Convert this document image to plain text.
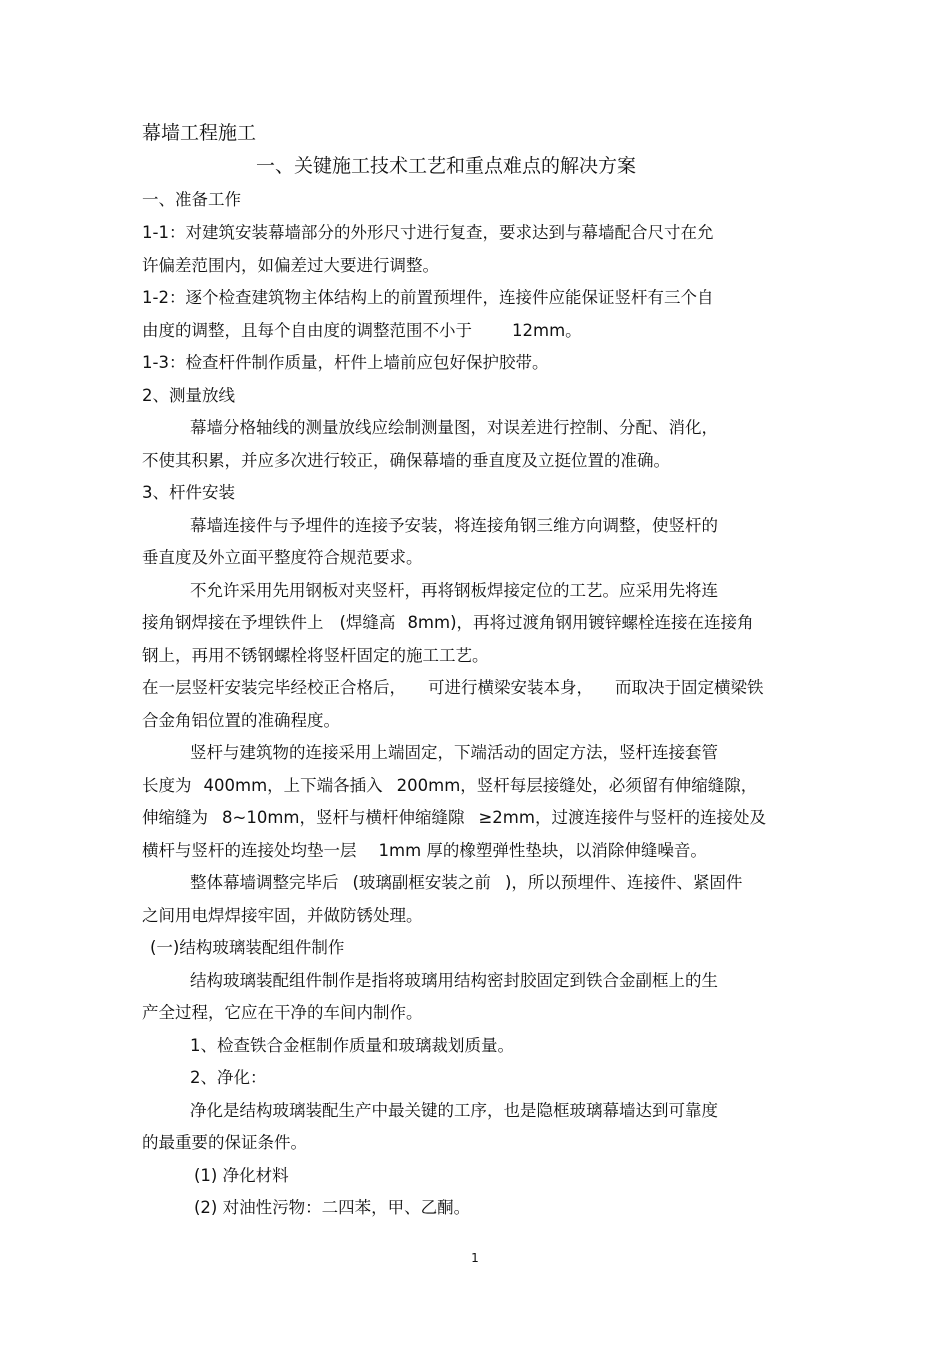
幕墙工程施工
一、关键施工技术工艺和重点难点的解决方案
一、准备工作
1-1：对建筑安装幕墙部分的外形尺寸进行复查，要求达到与幕墙配合尺寸在允
许偏差范围内，如偏差过大要进行调整。
1-2：逐个检查建筑物主体结构上的前置预埋件，连接件应能保证竖杆有三个自
由度的调整，且每个自由度的调整范围不小于 12mm。
1-3：检查杆件制作质量，杆件上墙前应包好保护胶带。
2、测量放线
幕墙分格轴线的测量放线应绘制测量图，对误差进行控制、分配、消化，
不使其积累，并应多次进行较正，确保幕墙的垂直度及立挺位置的准确。
3、杆件安装
幕墙连接件与予埋件的连接予安装，将连接角钢三维方向调整，使竖杆的
垂直度及外立面平整度符合规范要求。
不允许采用先用钢板对夹竖杆，再将钢板焊接定位的工艺。应采用先将连
接角钢焊接在予埋铁件上 (焊缝高 8mm)，再将过渡角钢用镀锌螺栓连接在连接角
钢上，再用不锈钢螺栓将竖杆固定的施工工艺。
在一层竖杆安装完毕经校正合格后， 可进行横梁安装本身， 而取决于固定横梁铁
合金角铝位置的准确程度。
竖杆与建筑物的连接采用上端固定，下端活动的固定方法，竖杆连接套管
长度为 400mm，上下端各插入 200mm，竖杆每层接缝处，必须留有伸缩缝隙，
伸缩缝为 8~10mm，竖杆与横杆伸缩缝隙 ≥2mm，过渡连接件与竖杆的连接处及
横杆与竖杆的连接处均垫一层 1mm 厚的橡塑弹性垫块，以消除伸缝噪音。
整体幕墙调整完毕后 (玻璃副框安装之前 )，所以预埋件、连接件、紧固件
之间用电焊焊接牢固，并做防锈处理。
(一)结构玻璃装配组件制作
结构玻璃装配组件制作是指将玻璃用结构密封胶固定到铁合金副框上的生
产全过程，它应在干净的车间内制作。
1、检查铁合金框制作质量和玻璃裁划质量。
2、净化：
净化是结构玻璃装配生产中最关键的工序，也是隐框玻璃幕墙达到可靠度
的最重要的保证条件。
(1) 净化材料
(2) 对油性污物：二四苯，甲、乙酮。
1
